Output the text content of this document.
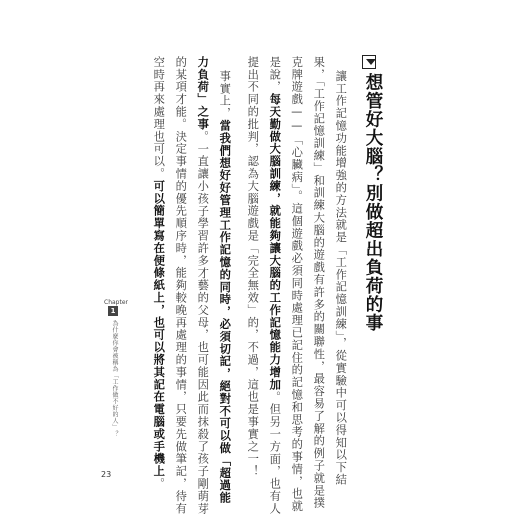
想管好大腦？別做超出負荷的事
讓工作記憶功能增強的方法就是「工作記憶訓練」，從實驗中可以得知以下結
果，「工作記憶訓練」和訓練大腦的遊戲有許多的關聯性，最容易了解的例子就是撲
克牌遊戲——「心臟病」。這個遊戲必須同時處理已記住的記憶和思考的事情，也就
是說，每天勤做大腦訓練，就能夠讓大腦的工作記憶能力增加。但另一方面，也有人
提出不同的批判，認為大腦遊戲是「完全無效」的，不過，這也是事實之一！
事實上，當我們想好好管理工作記憶的同時，必須切記，絕對不可以做「超過能
力負荷」之事。一直讓小孩子學習許多才藝的父母，也可能因此而抹殺了孩子剛萌芽
的某項才能。決定事情的優先順序時，能夠較晚再處理的事情，只要先做筆記，待有
空時再來處理也可以。可以簡單寫在便條紙上，也可以將其記在電腦或手機上。
Chapter
1
為什麼你會被稱為「工作做不好的人」？
23
